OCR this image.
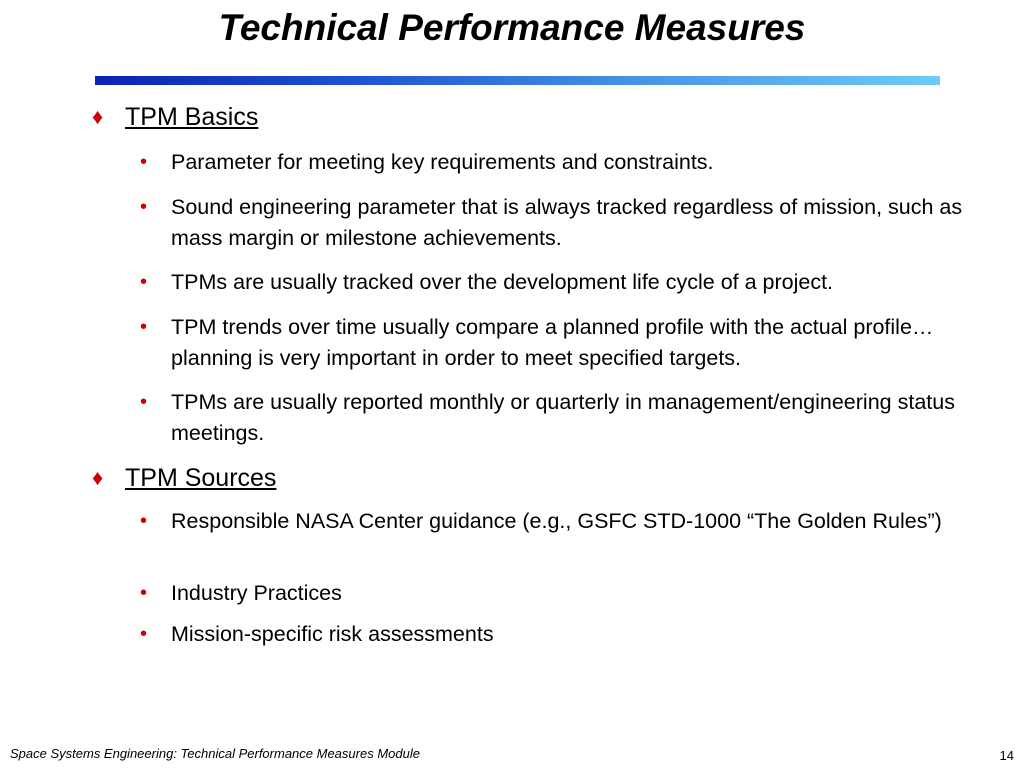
Technical Performance Measures
♦ TPM Basics
• Parameter for meeting key requirements and constraints.
• Sound engineering parameter that is always tracked regardless of mission, such as mass margin or milestone achievements.
• TPMs are usually tracked over the development life cycle of a project.
• TPM trends over time usually compare a planned profile with the actual profile…planning is very important in order to meet specified targets.
• TPMs are usually reported monthly or quarterly in management/engineering status meetings.
♦ TPM Sources
• Responsible NASA Center guidance (e.g., GSFC STD-1000 “The Golden Rules”)
• Industry Practices
• Mission-specific risk assessments
Space Systems Engineering: Technical Performance Measures Module	14
